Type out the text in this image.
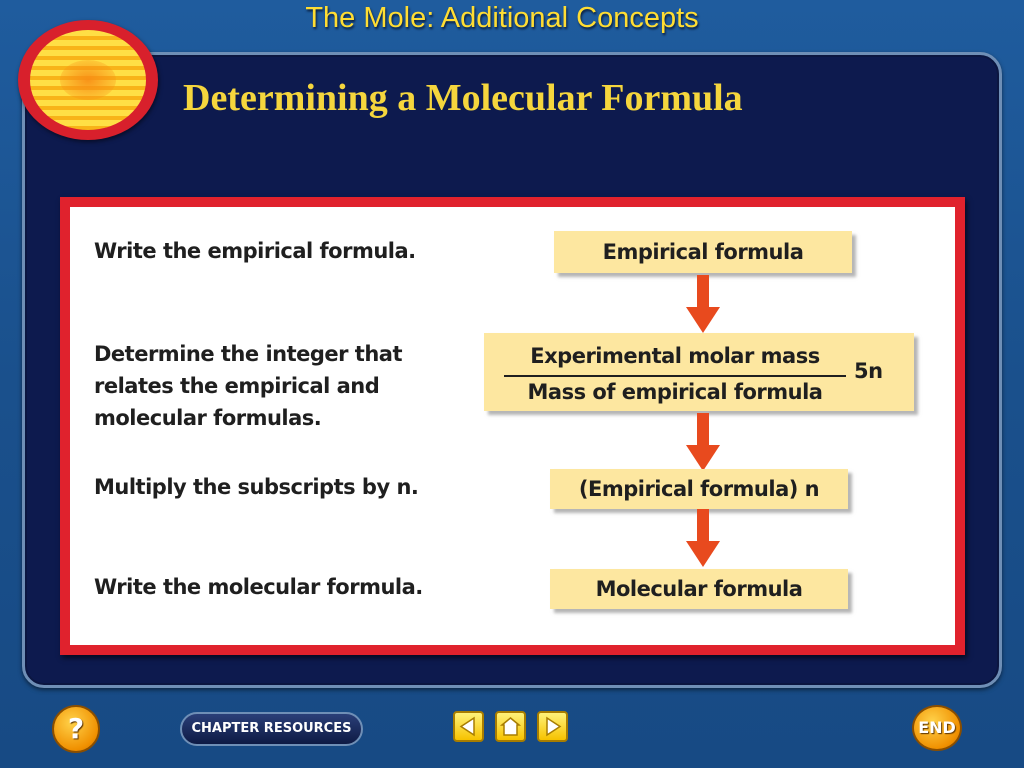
The Mole: Additional Concepts
Determining a Molecular Formula
Write the empirical formula.
Determine the integer that
relates the empirical and
molecular formulas.
Multiply the subscripts by n.
Write the molecular formula.
Empirical formula
Experimental molar mass
Mass of empirical formula
5n
(Empirical formula) n
Molecular formula
?	CHAPTER RESOURCES	END
